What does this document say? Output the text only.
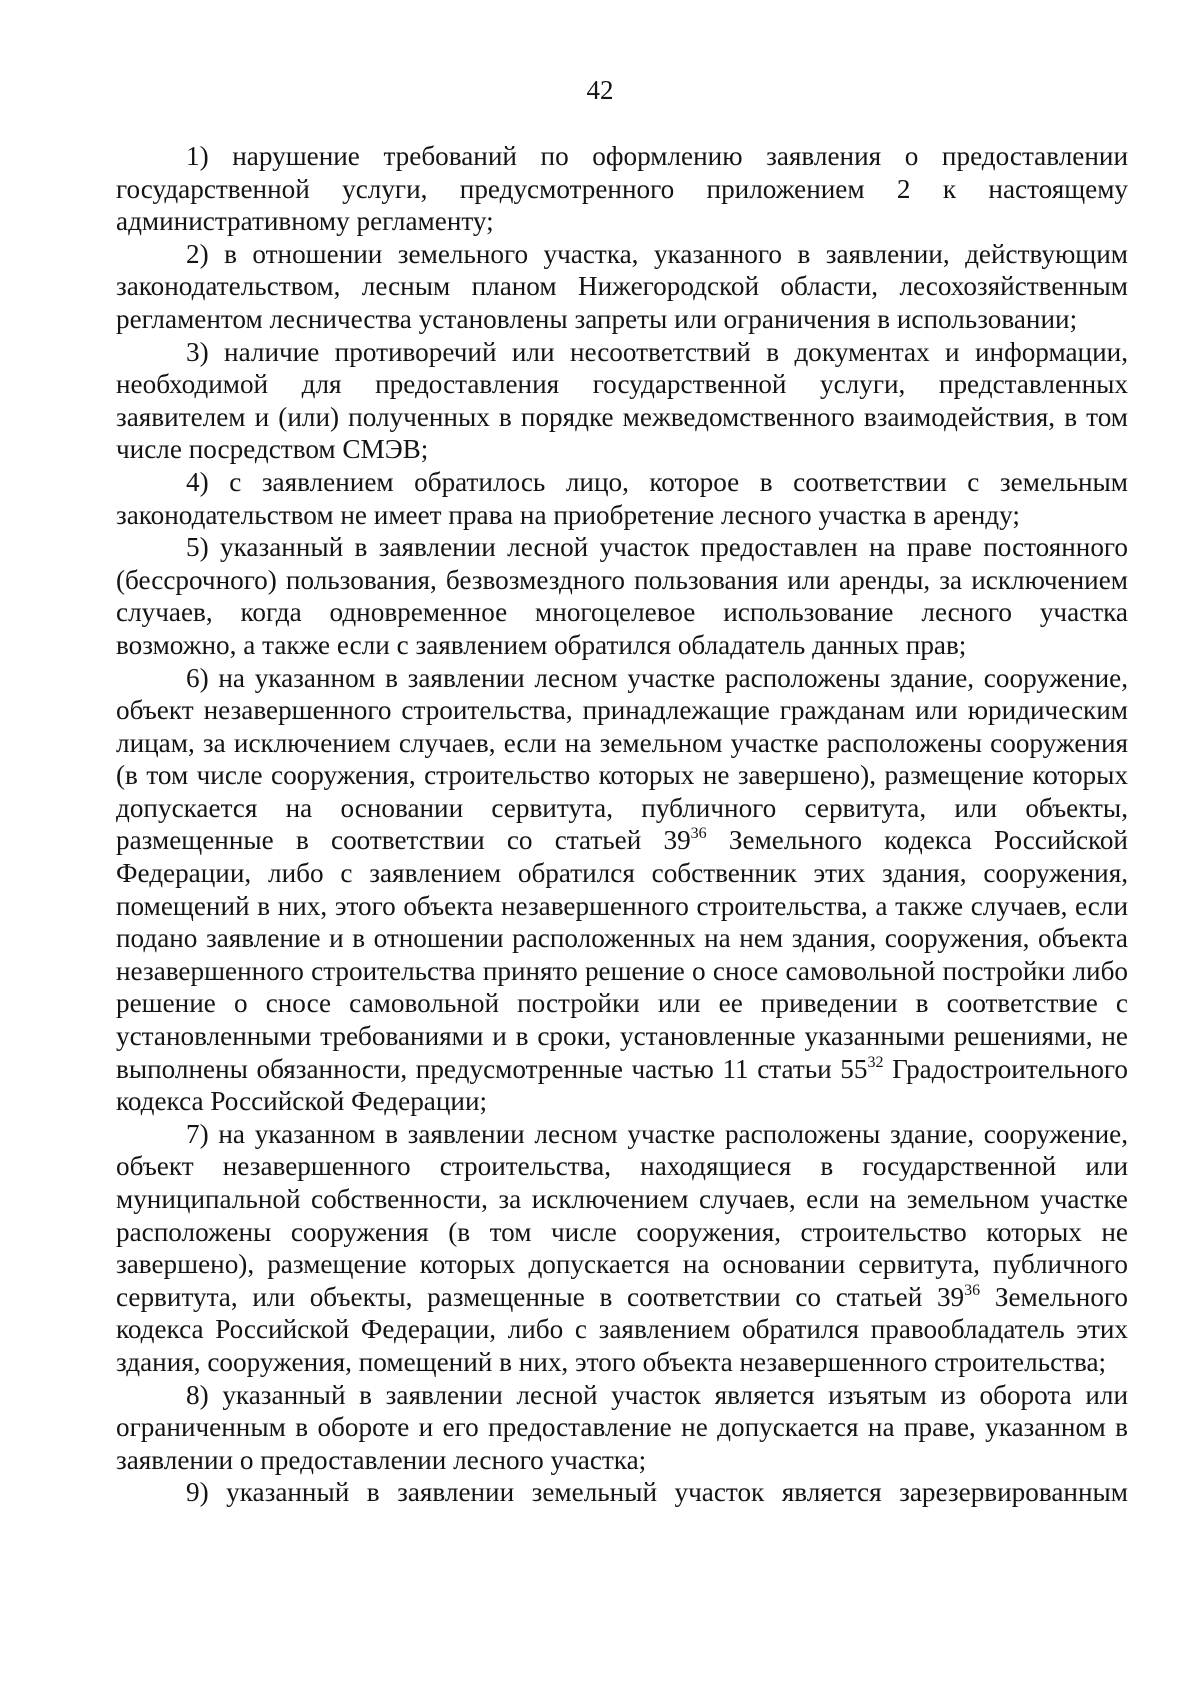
42

1) нарушение требований по оформлению заявления о предоставлении государственной услуги, предусмотренного приложением 2 к настоящему административному регламенту;

2) в отношении земельного участка, указанного в заявлении, действующим законодательством, лесным планом Нижегородской области, лесохозяйственным регламентом лесничества установлены запреты или ограничения в использовании;

3) наличие противоречий или несоответствий в документах и информации, необходимой для предоставления государственной услуги, представленных заявителем и (или) полученных в порядке межведомственного взаимодействия, в том числе посредством СМЭВ;

4) с заявлением обратилось лицо, которое в соответствии с земельным законодательством не имеет права на приобретение лесного участка в аренду;

5) указанный в заявлении лесной участок предоставлен на праве постоянного (бессрочного) пользования, безвозмездного пользования или аренды, за исключением случаев, когда одновременное многоцелевое использование лесного участка возможно, а также если с заявлением обратился обладатель данных прав;

6) на указанном в заявлении лесном участке расположены здание, сооружение, объект незавершенного строительства, принадлежащие гражданам или юридическим лицам, за исключением случаев, если на земельном участке расположены сооружения (в том числе сооружения, строительство которых не завершено), размещение которых допускается на основании сервитута, публичного сервитута, или объекты, размещенные в соответствии со статьей $39^{36}$ Земельного кодекса Российской Федерации, либо с заявлением обратился собственник этих здания, сооружения, помещений в них, этого объекта незавершенного строительства, а также случаев, если подано заявление и в отношении расположенных на нем здания, сооружения, объекта незавершенного строительства принято решение о сносе самовольной постройки либо решение о сносе самовольной постройки или ее приведении в соответствие с установленными требованиями и в сроки, установленные указанными решениями, не выполнены обязанности, предусмотренные частью 11 статьи $55^{32}$ Градостроительного кодекса Российской Федерации;

7) на указанном в заявлении лесном участке расположены здание, сооружение, объект незавершенного строительства, находящиеся в государственной или муниципальной собственности, за исключением случаев, если на земельном участке расположены сооружения (в том числе сооружения, строительство которых не завершено), размещение которых допускается на основании сервитута, публичного сервитута, или объекты, размещенные в соответствии со статьей $39^{36}$ Земельного кодекса Российской Федерации, либо с заявлением обратился правообладатель этих здания, сооружения, помещений в них, этого объекта незавершенного строительства;

8) указанный в заявлении лесной участок является изъятым из оборота или ограниченным в обороте и его предоставление не допускается на праве, указанном в заявлении о предоставлении лесного участка;

9) указанный в заявлении земельный участок является зарезервированным
